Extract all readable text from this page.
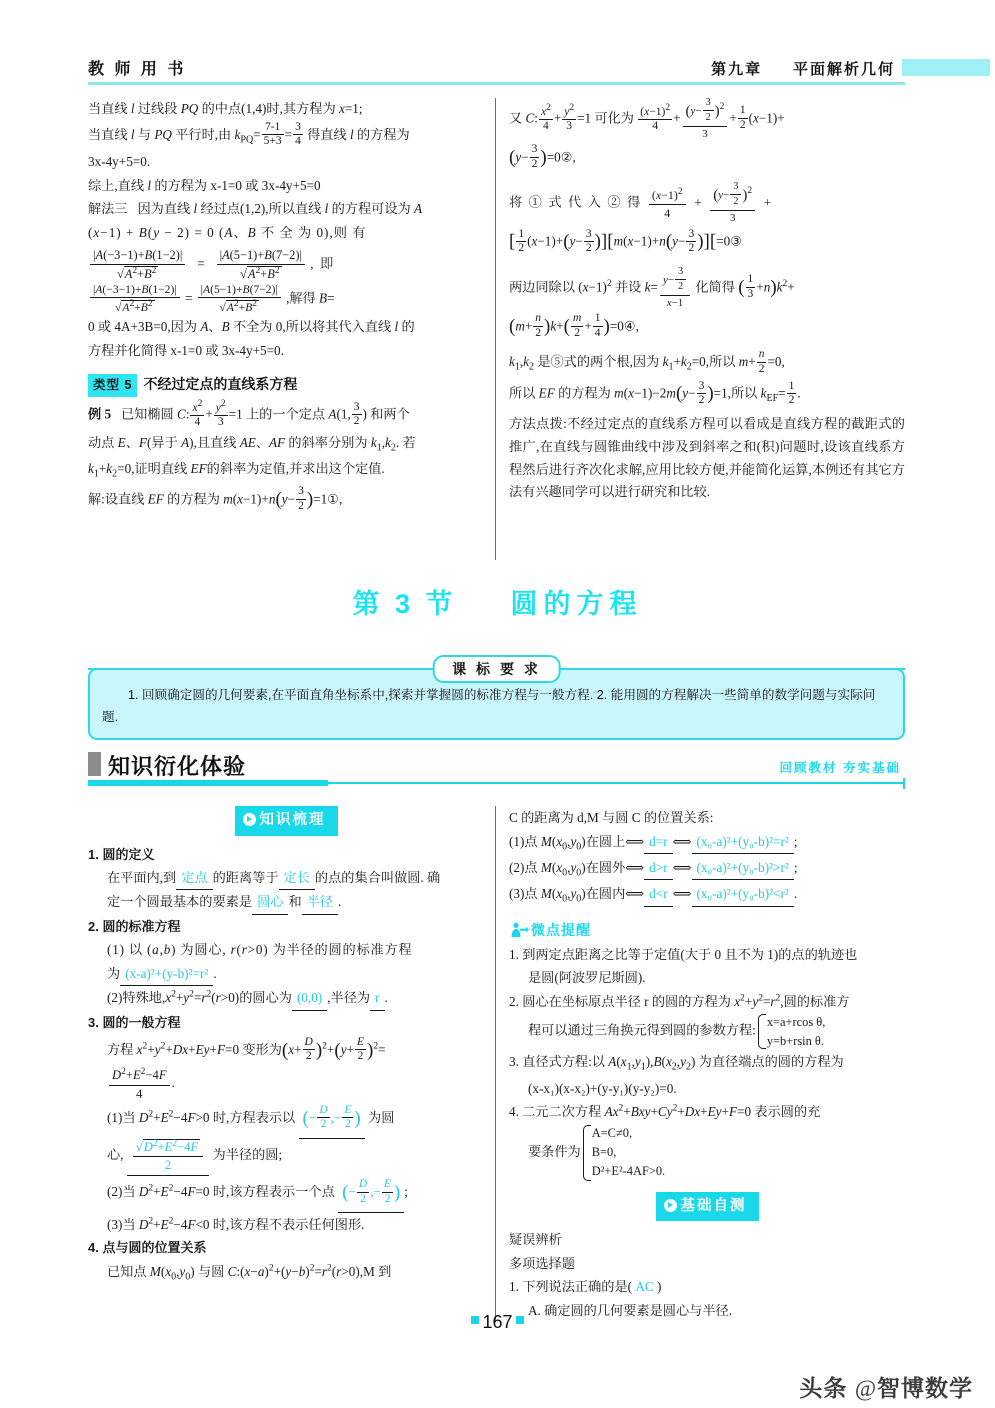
教 师 用 书	第九章 平面解析几何

当直线 l 过线段 PQ 的中点(1,4)时,其方程为 x=1;

当直线 l 与 PQ 平行时,由 $k_{PQ}= \frac{7-1}{5+3} = \frac{3}{4}$ 得直线 l 的方程为

3x-4y+5=0.

综上,直线 l 的方程为 x-1=0 或 3x-4y+5=0

解法三 因为直线 l 经过点(1,2),所以直线 l 的方程可设为 A

(x−1) + B(y − 2) = 0 (A、B 不 全 为 0),则 有

$\frac{|A(-3-1)+B(1-2)|}{√A^2+B^2} = \frac{|A(5-1)+B(7-2)|}{√A^2+B^2}$ ,  即

$\frac{|A(-3-1)+B(1-2)|}{√A^2+B^2} = \frac{|A(5-1)+B(7-2)|}{√A^2+B^2}$ ,解得 B=

0 或 4A+3B=0,因为 A、B 不全为 0,所以将其代入直线 l 的

方程并化简得 x-1=0 或 3x-4y+5=0.

类型 5 不经过定点的直线系方程

例 5 已知椭圆 C: $\frac{x^2}{4} + \frac{y^2}{3} =1$ 上的一个定点 A(1, $\frac{3}{2}$ ) 和两个

动点 E、F(异于 A),且直线 AE、AF 的斜率分别为 $k_1,k_2$. 若

$k_1+k_2=0$,证明直线 EF的斜率为定值,并求出这个定值.

解:设直线 EF 的方程为 $m(x-1)+n(y- \frac{3}{2}$ )=1①,

又 C: $\frac{x^2}{4} + \frac{y^2}{3} =1$ 可化为 $\frac{(x-1)^2}{4} + \frac{(y- \frac{3}{2} )2}{3} + \frac{1}{2} (x-1)+$

($y- \frac{3}{2}$ )=0②,

将 ① 式 代 入 ② 得 $\frac{(x-1)^2}{4} + \frac{(y- \frac{3}{2} )2}{3}$ +

[ $\frac{1}{2} (x-1)+(y- \frac{3}{2} )][m(x-1)+n(y- \frac{3}{2}$ )][=0③

两边同除以 $(x-1)^2$ 并设 $k= \frac{y- \frac{3}{2}}{x-1}$ 化简得 ( $\frac{1}{3} +n)k^2+$

$(m+ \frac{n}{2} )k+( \frac{m}{2} + \frac{1}{4}$ )=0④,

$k_1,k_2$ 是⑤式的两个根,因为 $k_1+k_2=0$,所以 $m+ \frac{n}{2} =0$,

所以 EF 的方程为 $m(x-1)-2m(y- \frac{3}{2} )=1$,所以 $k_{EF}= \frac{1}{2}$ .

方法点拨:不经过定点的直线系方程可以看成是直线方程的截距式的推广,在直线与圆锥曲线中涉及到斜率之和(积)问题时,设该直线系方程然后进行齐次化求解,应用比较方便,并能简化运算,本例还有其它方法有兴趣同学可以进行研究和比较.

第 3 节 圆的方程
课 标 要 求

1. 回顾确定圆的几何要素,在平面直角坐标系中,探索并掌握圆的标准方程与一般方程. 2. 能用圆的方程解决一些简单的数学问题与实际问题.

知识衍化体验	回顾教材 夯实基础
知识梳理

1. 圆的定义

在平面内,到 定点 的距离等于 定长 的点的集合叫做圆. 确

定一个圆最基本的要素是 圆心 和 半径 .

2. 圆的标准方程

(1) 以 (a,b) 为圆心, r(r>0) 为半径的圆的标准方程

为 (x-a)²+(y-b)²=r² .

(2)特殊地$,x^2+y^2=r^2(r>0)$的圆心为 (0,0) ,半径为 r .

3. 圆的一般方程

方程 $x^2+y^2+Dx+Ey+F=0$ 变形为$(x+ \frac{D}{2} )^2+(y+ \frac{E}{2} )^2=$

$\frac{D^2+E^2-4F}{4}$ .

(1)当 $D^2+E^2-4F>0$ 时,方程表示以 (− $\frac{D}{2}$ ,− $\frac{E}{2}$ ) 为圆

心, $\frac{√D^2+E^2-4F}{2}$ 为半径的圆;

(2)当 $D^2+E^2-4F=0$ 时,该方程表示一个点 (− $\frac{D}{2}$ ,− $\frac{E}{2}$ ) ;

(3)当 $D^2+E^2-4F<0$ 时,该方程不表示任何图形.

4. 点与圆的位置关系

已知点 $M(x_0,y_0)$ 与圆 $C:(x-a)^2+(y-b)^2=r^2(r>0),M$ 到

C 的距离为 d,M 与圆 C 的位置关系:

(1)点 $M(x_0,y_0)$在圆上⟺ d=r ⟺ (x₀-a)²+(y₀-b)²=r² ;

(2)点 $M(x_0,y_0)$在圆外⟺ d>r ⟺ (x₀-a)²+(y₀-b)²>r² ;

(3)点 $M(x_0,y_0)$在圆内⟺ d<r ⟺ (x₀-a)²+(y₀-b)²<r² .

微点提醒

1. 到两定点距离之比等于定值(大于 0 且不为 1)的点的轨迹也

是圆(阿波罗尼斯圆).

2. 圆心在坐标原点半径 r 的圆的方程为 $x^2+y^2=r^2$,圆的标准方

程可以通过三角换元得到圆的参数方程:x=a+rcos θ,
y=b+rsin θ.

3. 直径式方程:以 $A(x_1,y_1),B(x_2,y_2)$ 为直径端点的圆的方程为

(x-x₁)(x-x₂)+(y-y₁)(y-y₂)=0.

4. 二元二次方程 $Ax^2+Bxy+Cy^2+Dx+Ey+F=0$ 表示圆的充

要条件为A=C≠0,
B=0,
D²+E²-4AF>0.

基础自测

疑误辨析

多项选择题

1. 下列说法正确的是( AC )

A. 确定圆的几何要素是圆心与半径.

167
头条 @智博数学
